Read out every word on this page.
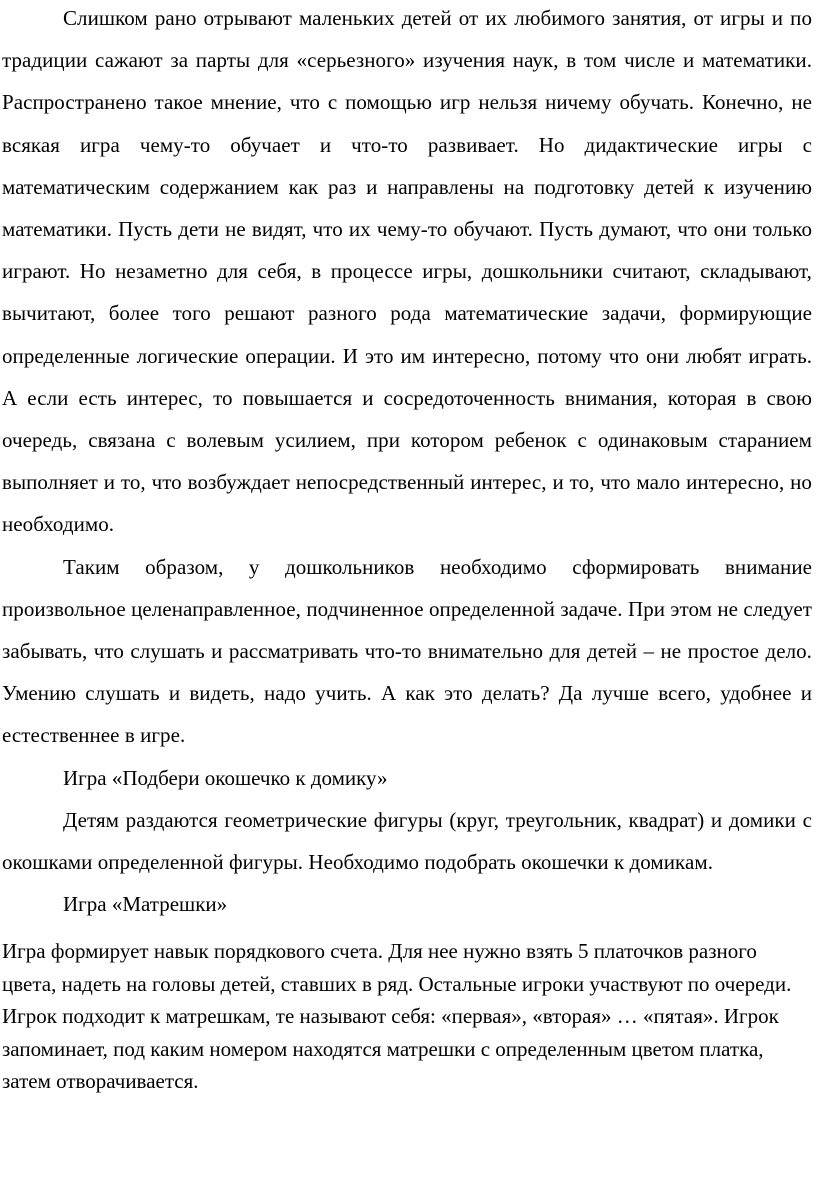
Слишком рано отрывают маленьких детей от их любимого занятия, от игры и по традиции сажают за парты для «серьезного» изучения наук, в том числе и математики. Распространено такое мнение, что с помощью игр нельзя ничему обучать. Конечно, не всякая игра чему-то обучает и что-то развивает. Но дидактические игры с математическим содержанием как раз и направлены на подготовку детей к изучению математики. Пусть дети не видят, что их чему-то обучают. Пусть думают, что они только играют. Но незаметно для себя, в процессе игры, дошкольники считают, складывают, вычитают, более того решают разного рода математические задачи, формирующие определенные логические операции. И это им интересно, потому что они любят играть. А если есть интерес, то повышается и сосредоточенность внимания, которая в свою очередь, связана с волевым усилием, при котором ребенок с одинаковым старанием выполняет и то, что возбуждает непосредственный интерес, и то, что мало интересно, но необходимо.

Таким образом, у дошкольников необходимо сформировать внимание произвольное целенаправленное, подчиненное определенной задаче. При этом не следует забывать, что слушать и рассматривать что-то внимательно для детей – не простое дело. Умению слушать и видеть, надо учить. А как это делать? Да лучше всего, удобнее и естественнее в игре.

Игра «Подбери окошечко к домику»

Детям раздаются геометрические фигуры (круг, треугольник, квадрат) и домики с окошками определенной фигуры. Необходимо подобрать окошечки к домикам.

Игра «Матрешки»

Игра формирует навык порядкового счета. Для нее нужно взять 5 платочков разного цвета, надеть на головы детей, ставших в ряд. Остальные игроки участвуют по очереди. Игрок подходит к матрешкам, те называют себя: «первая», «вторая» … «пятая». Игрок запоминает, под каким номером находятся матрешки с определенным цветом платка, затем отворачивается.
